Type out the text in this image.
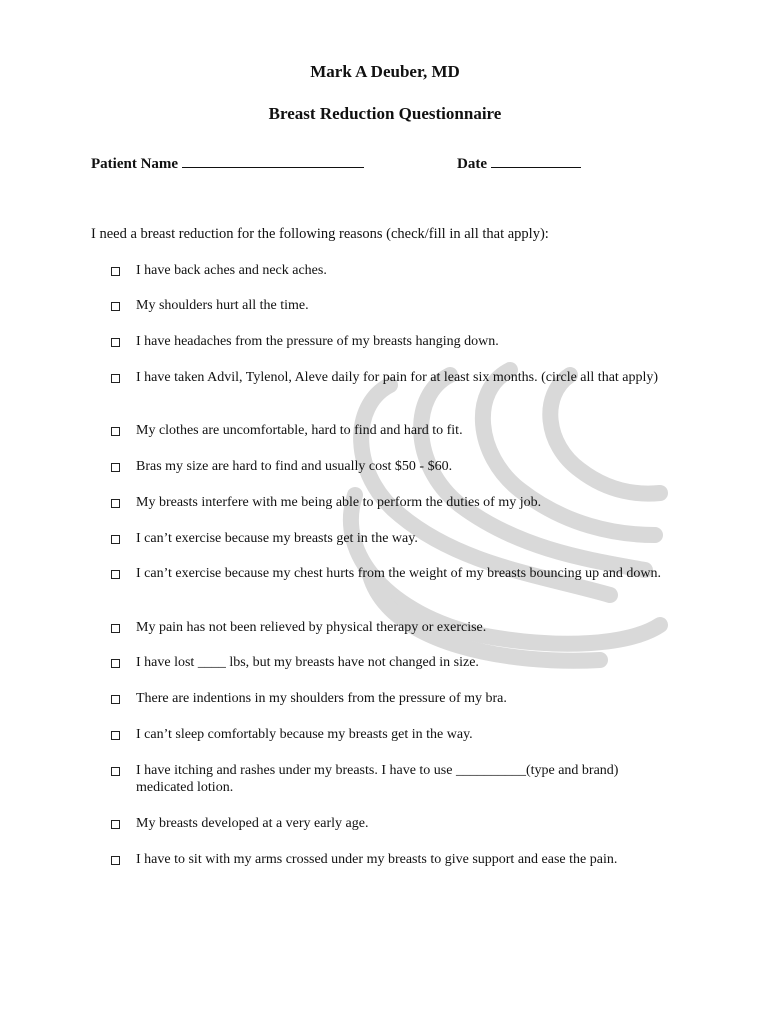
Mark A Deuber, MD
Breast Reduction Questionnaire
Patient Name	Date
I need a breast reduction for the following reasons (check/fill in all that apply):
I have back aches and neck aches.
My shoulders hurt all the time.
I have headaches from the pressure of my breasts hanging down.
I have taken Advil, Tylenol, Aleve daily for pain for at least six months. (circle all that apply)
My clothes are uncomfortable, hard to find and hard to fit.
Bras my size are hard to find and usually cost $50 - $60.
My breasts interfere with me being able to perform the duties of my job.
I can’t exercise because my breasts get in the way.
I can’t exercise because my chest hurts from the weight of my breasts bouncing up and down.
My pain has not been relieved by physical therapy or exercise.
I have lost ____ lbs, but my breasts have not changed in size.
There are indentions in my shoulders from the pressure of my bra.
I can’t sleep comfortably because my breasts get in the way.
I have itching and rashes under my breasts. I have to use __________(type and brand) medicated lotion.
My breasts developed at a very early age.
I have to sit with my arms crossed under my breasts to give support and ease the pain.
